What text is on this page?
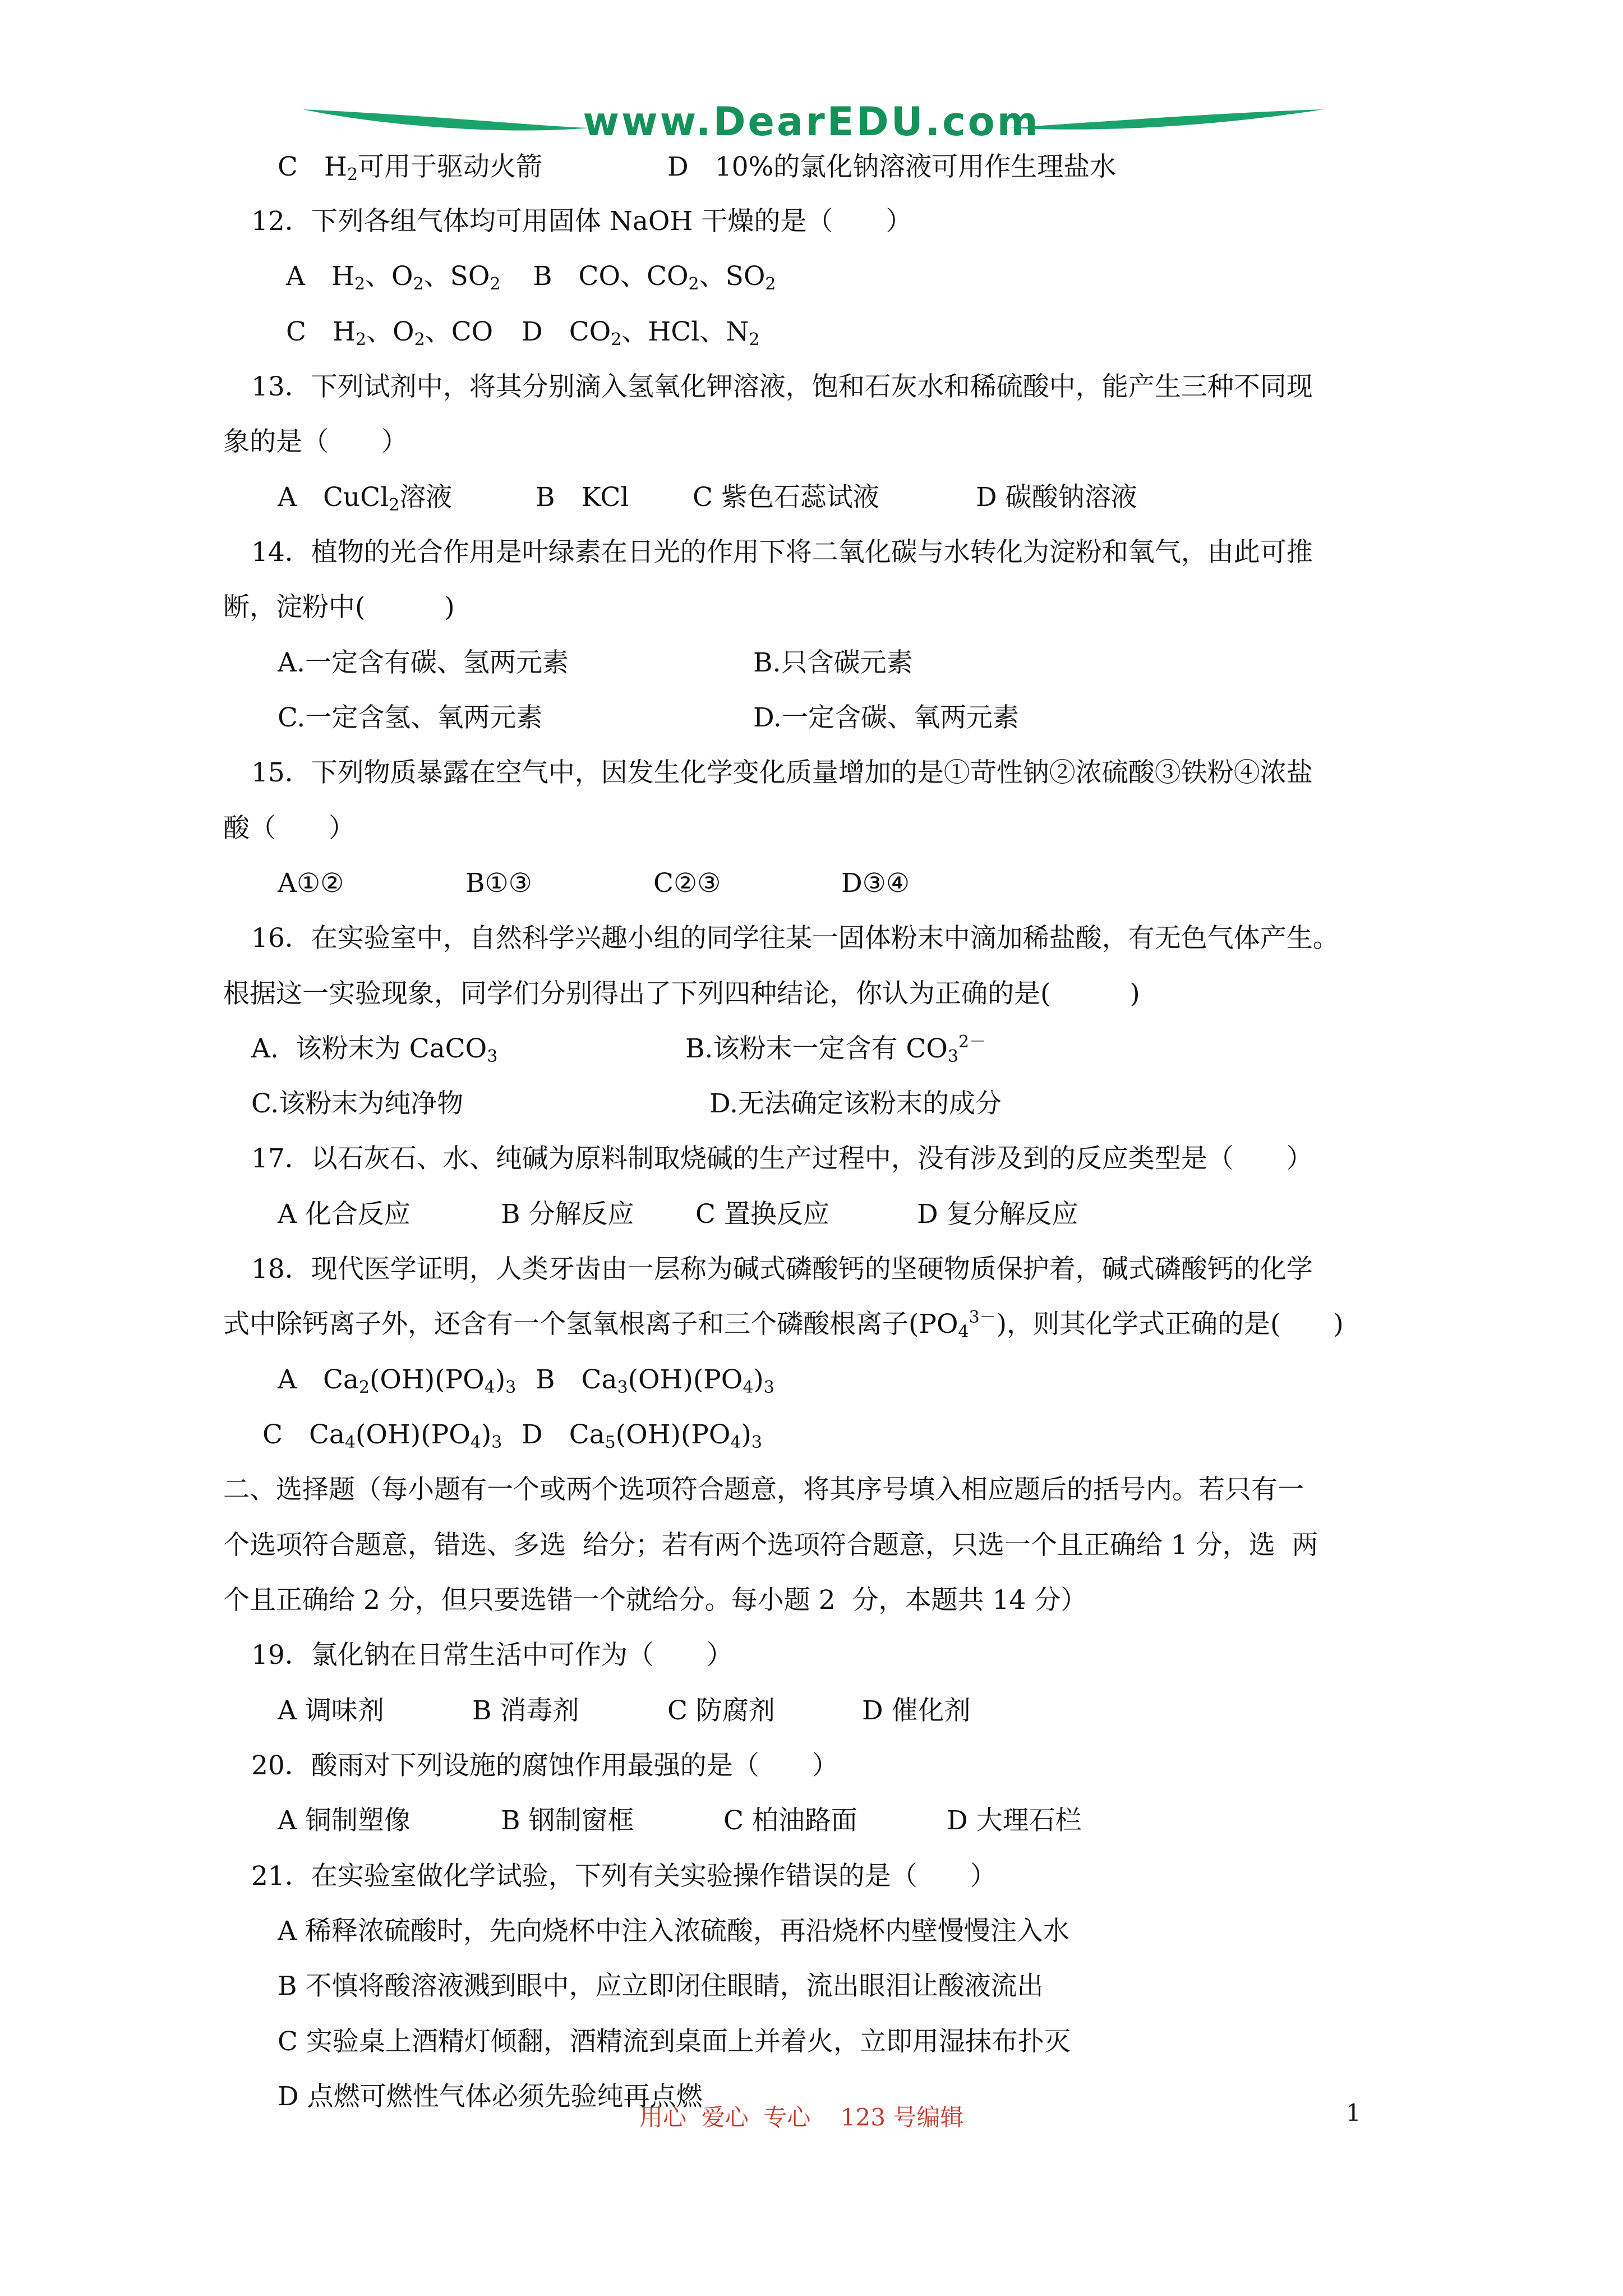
www.DearEDU.com
C　 $H_2$可用于驱动火箭	D　 10%的氯化钠溶液可用作生理盐水
12．下列各组气体均可用固体 NaOH 干燥的是（　　）
A　 $H_2$、$O_2$、$SO_2$ B　 CO、$CO_2$、$SO_2$
C　 $H_2$、$O_2$、CO D　 $CO_2$、HCl、$N_2$
13．下列试剂中，将其分别滴入氢氧化钾溶液，饱和石灰水和稀硫酸中，能产生三种不同现
象的是（　　）
A　 CuCl$_2$溶液	B　KCl C 紫色石蕊试液	D 碳酸钠溶液
14．植物的光合作用是叶绿素在日光的作用下将二氧化碳与水转化为淀粉和氧气，由此可推
断，淀粉中(　　　)
A.一定含有碳、氢两元素	B.只含碳元素
C.一定含氢、氧两元素	D.一定含碳、氧两元素
15．下列物质暴露在空气中，因发生化学变化质量增加的是①苛性钠②浓硫酸③铁粉④浓盐
酸（　　）
A①②	B①③	C②③	D③④
16．在实验室中，自然科学兴趣小组的同学往某一固体粉末中滴加稀盐酸，有无色气体产生。
根据这一实验现象，同学们分别得出了下列四种结论，你认为正确的是(　　　)
A.  该粉末为 CaCO$_3$	B.该粉末一定含有 $CO_3^{2-}$
C.该粉末为纯净物	D.无法确定该粉末的成分
17．以石灰石、水、纯碱为原料制取烧碱的生产过程中，没有涉及到的反应类型是（　　）
A 化合反应	B 分解反应 C 置换反应	D 复分解反应
18．现代医学证明，人类牙齿由一层称为碱式磷酸钙的坚硬物质保护着，碱式磷酸钙的化学
式中除钙离子外，还含有一个氢氧根离子和三个磷酸根离子$(PO_4^{3-})$，则其化学式正确的是(　　)
A　 $Ca_2(OH)(PO_4)_3$ B　 $Ca_3(OH)(PO_4)_3$
C　 $Ca_4(OH)(PO_4)_3$ D　 $Ca_5(OH)(PO_4)_3$
二、选择题（每小题有一个或两个选项符合题意，将其序号填入相应题后的括号内。若只有一
个选项符合题意，错选、多选  给分；若有两个选项符合题意，只选一个且正确给 1 分，选  两
个且正确给 2 分，但只要选错一个就给分。每小题 2  分，本题共 14 分）
19．氯化钠在日常生活中可作为（　　）
A 调味剂	B 消毒剂	C 防腐剂	D 催化剂
20．酸雨对下列设施的腐蚀作用最强的是（　　）
A 铜制塑像	B 钢制窗框	C 柏油路面	D 大理石栏
21．在实验室做化学试验，下列有关实验操作错误的是（　　）
A 稀释浓硫酸时，先向烧杯中注入浓硫酸，再沿烧杯内壁慢慢注入水
B 不慎将酸溶液溅到眼中，应立即闭住眼睛，流出眼泪让酸液流出
C 实验桌上酒精灯倾翻，酒精流到桌面上并着火，立即用湿抹布扑灭
D 点燃可燃性气体必须先验纯再点燃
用心  爱心  专心    123 号编辑	1
